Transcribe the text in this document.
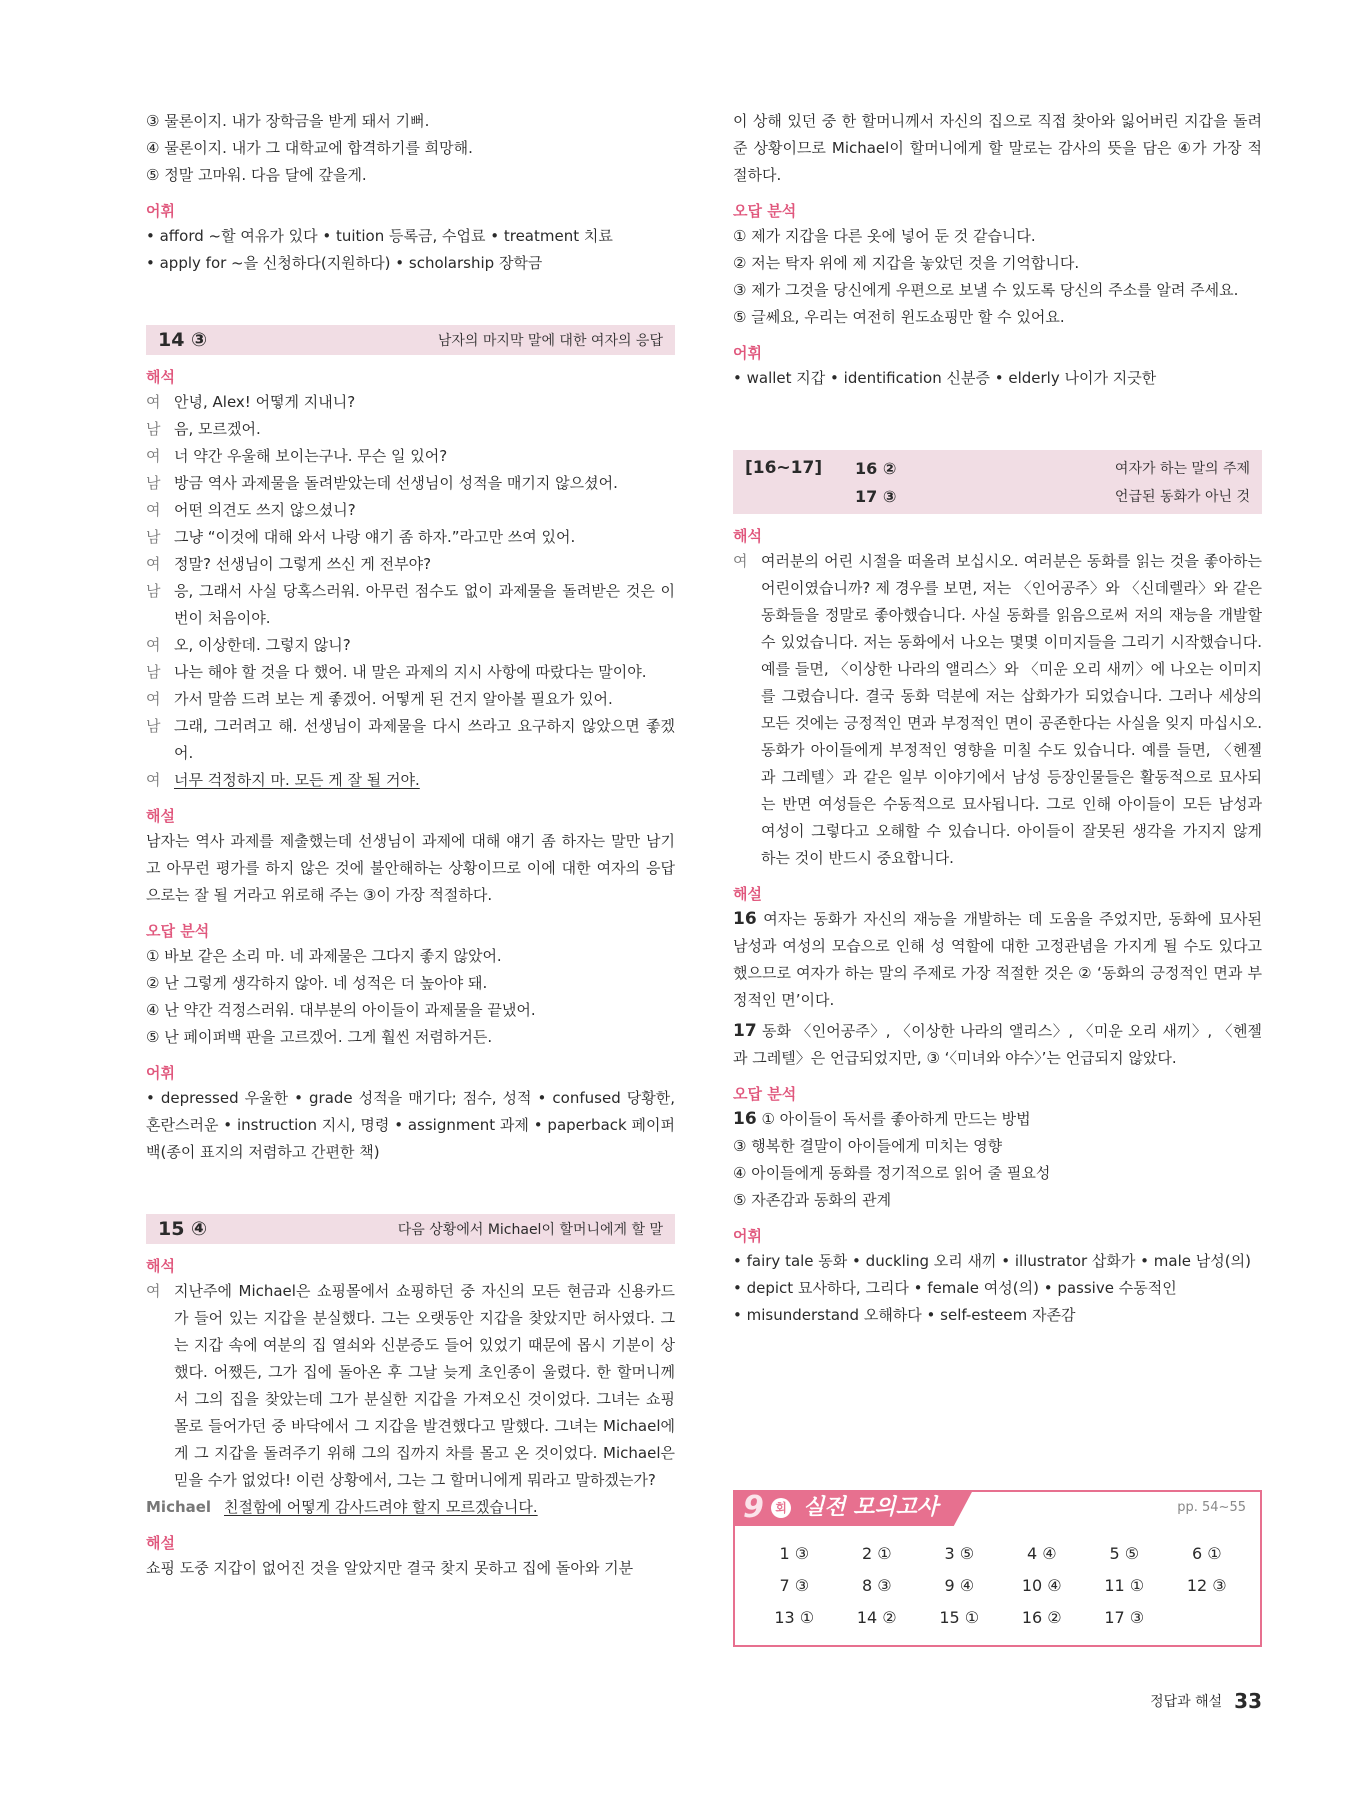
③ 물론이지. 내가 장학금을 받게 돼서 기뻐.
④ 물론이지. 내가 그 대학교에 합격하기를 희망해.
⑤ 정말 고마워. 다음 달에 갚을게.
어휘
• afford ~할 여유가 있다 • tuition 등록금, 수업료 • treatment 치료
• apply for ~을 신청하다(지원하다) • scholarship 장학금
14 ③	남자의 마지막 말에 대한 여자의 응답
해석
여 안녕, Alex! 어떻게 지내니?
남 음, 모르겠어.
여 너 약간 우울해 보이는구나. 무슨 일 있어?
남 방금 역사 과제물을 돌려받았는데 선생님이 성적을 매기지 않으셨어.
여 어떤 의견도 쓰지 않으셨니?
남 그냥 “이것에 대해 와서 나랑 얘기 좀 하자.”라고만 쓰여 있어.
여 정말? 선생님이 그렇게 쓰신 게 전부야?
남 응, 그래서 사실 당혹스러워. 아무런 점수도 없이 과제물을 돌려받은 것은 이번이 처음이야.
여 오, 이상한데. 그렇지 않니?
남 나는 해야 할 것을 다 했어. 내 말은 과제의 지시 사항에 따랐다는 말이야.
여 가서 말씀 드려 보는 게 좋겠어. 어떻게 된 건지 알아볼 필요가 있어.
남 그래, 그러려고 해. 선생님이 과제물을 다시 쓰라고 요구하지 않았으면 좋겠어.
여 너무 걱정하지 마. 모든 게 잘 될 거야.
해설
남자는 역사 과제를 제출했는데 선생님이 과제에 대해 얘기 좀 하자는 말만 남기고 아무런 평가를 하지 않은 것에 불안해하는 상황이므로 이에 대한 여자의 응답으로는 잘 될 거라고 위로해 주는 ③이 가장 적절하다.
오답 분석
① 바보 같은 소리 마. 네 과제물은 그다지 좋지 않았어.
② 난 그렇게 생각하지 않아. 네 성적은 더 높아야 돼.
④ 난 약간 걱정스러워. 대부분의 아이들이 과제물을 끝냈어.
⑤ 난 페이퍼백 판을 고르겠어. 그게 훨씬 저렴하거든.
어휘
• depressed 우울한 • grade 성적을 매기다; 점수, 성적 • confused 당황한, 혼란스러운 • instruction 지시, 명령 • assignment 과제 • paperback 페이퍼백(종이 표지의 저렴하고 간편한 책)
15 ④	다음 상황에서 Michael이 할머니에게 할 말
해석
여 지난주에 Michael은 쇼핑몰에서 쇼핑하던 중 자신의 모든 현금과 신용카드가 들어 있는 지갑을 분실했다. 그는 오랫동안 지갑을 찾았지만 허사였다. 그는 지갑 속에 여분의 집 열쇠와 신분증도 들어 있었기 때문에 몹시 기분이 상했다. 어쨌든, 그가 집에 돌아온 후 그날 늦게 초인종이 울렸다. 한 할머니께서 그의 집을 찾았는데 그가 분실한 지갑을 가져오신 것이었다. 그녀는 쇼핑몰로 들어가던 중 바닥에서 그 지갑을 발견했다고 말했다. 그녀는 Michael에게 그 지갑을 돌려주기 위해 그의 집까지 차를 몰고 온 것이었다. Michael은 믿을 수가 없었다! 이런 상황에서, 그는 그 할머니에게 뭐라고 말하겠는가?
Michael 친절함에 어떻게 감사드려야 할지 모르겠습니다.
해설
쇼핑 도중 지갑이 없어진 것을 알았지만 결국 찾지 못하고 집에 돌아와 기분
이 상해 있던 중 한 할머니께서 자신의 집으로 직접 찾아와 잃어버린 지갑을 돌려 준 상황이므로 Michael이 할머니에게 할 말로는 감사의 뜻을 담은 ④가 가장 적절하다.
오답 분석
① 제가 지갑을 다른 옷에 넣어 둔 것 같습니다.
② 저는 탁자 위에 제 지갑을 놓았던 것을 기억합니다.
③ 제가 그것을 당신에게 우편으로 보낼 수 있도록 당신의 주소를 알려 주세요.
⑤ 글쎄요, 우리는 여전히 윈도쇼핑만 할 수 있어요.
어휘
• wallet 지갑 • identification 신분증 • elderly 나이가 지긋한
[16~17]	16 ②	여자가 하는 말의 주제
17 ③	언급된 동화가 아닌 것
해석
여 여러분의 어린 시절을 떠올려 보십시오. 여러분은 동화를 읽는 것을 좋아하는 어린이였습니까? 제 경우를 보면, 저는 〈인어공주〉와 〈신데렐라〉와 같은 동화들을 정말로 좋아했습니다. 사실 동화를 읽음으로써 저의 재능을 개발할 수 있었습니다. 저는 동화에서 나오는 몇몇 이미지들을 그리기 시작했습니다. 예를 들면, 〈이상한 나라의 앨리스〉와 〈미운 오리 새끼〉에 나오는 이미지를 그렸습니다. 결국 동화 덕분에 저는 삽화가가 되었습니다. 그러나 세상의 모든 것에는 긍정적인 면과 부정적인 면이 공존한다는 사실을 잊지 마십시오. 동화가 아이들에게 부정적인 영향을 미칠 수도 있습니다. 예를 들면, 〈헨젤과 그레텔〉과 같은 일부 이야기에서 남성 등장인물들은 활동적으로 묘사되는 반면 여성들은 수동적으로 묘사됩니다. 그로 인해 아이들이 모든 남성과 여성이 그렇다고 오해할 수 있습니다. 아이들이 잘못된 생각을 가지지 않게 하는 것이 반드시 중요합니다.
해설
16 여자는 동화가 자신의 재능을 개발하는 데 도움을 주었지만, 동화에 묘사된 남성과 여성의 모습으로 인해 성 역할에 대한 고정관념을 가지게 될 수도 있다고 했으므로 여자가 하는 말의 주제로 가장 적절한 것은 ② ‘동화의 긍정적인 면과 부정적인 면’이다.
17 동화 〈인어공주〉, 〈이상한 나라의 앨리스〉, 〈미운 오리 새끼〉, 〈헨젤과 그레텔〉은 언급되었지만, ③ ‘〈미녀와 야수〉’는 언급되지 않았다.
오답 분석
16 ① 아이들이 독서를 좋아하게 만드는 방법
③ 행복한 결말이 아이들에게 미치는 영향
④ 아이들에게 동화를 정기적으로 읽어 줄 필요성
⑤ 자존감과 동화의 관계
어휘
• fairy tale 동화 • duckling 오리 새끼 • illustrator 삽화가 • male 남성(의)
• depict 묘사하다, 그리다 • female 여성(의) • passive 수동적인
• misunderstand 오해하다 • self-esteem 자존감
9 회 실전 모의고사	pp. 54~55
1 ③	2 ①	3 ⑤	4 ④	5 ⑤	6 ①
7 ③	8 ③	9 ④	10 ④	11 ①	12 ③
13 ①	14 ②	15 ①	16 ②	17 ③
정답과 해설 33
